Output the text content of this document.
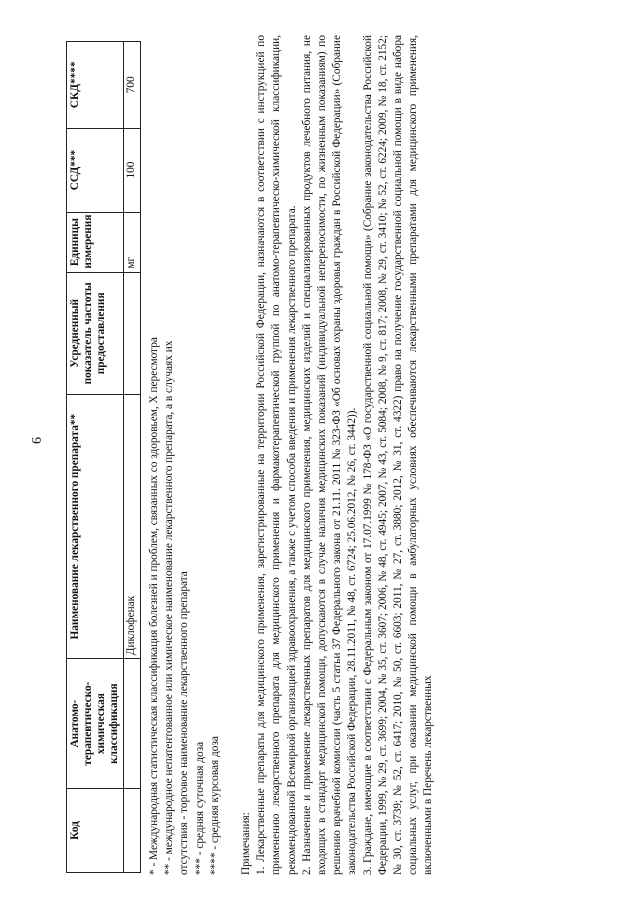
6
Код	Анатомо-терапевтическо-химическая классификация	Наименование лекарственного препарата**	Усредненный показатель частоты предоставления	Единицы измерения	ССД***	СКД****
		Диклофенак		мг	100	700
* - Международная статистическая классификация болезней и проблем, связанных со здоровьем, X пересмотра ** - международное непатентованное или химическое наименование лекарственного препарата, а в случаях их отсутствия - торговое наименование лекарственного препарата *** - средняя суточная доза **** - средняя курсовая доза Примечания: 1. Лекарственные препараты для медицинского применения, зарегистрированные на территории Российской Федерации, назначаются в соответствии с инструкцией по применению лекарственного препарата для медицинского применения и фармакотерапевтической группой по анатомо-терапевтическо-химической классификации, рекомендованной Всемирной организацией здравоохранения, а также с учетом способа введения и применения лекарственного препарата. 2. Назначение и применение лекарственных препаратов для медицинского применения, медицинских изделий и специализированных продуктов лечебного питания, не входящих в стандарт медицинской помощи, допускаются в случае наличия медицинских показаний (индивидуальной непереносимости, по жизненным показаниям) по решению врачебной комиссии (часть 5 статьи 37 Федерального закона от 21.11. 2011 № 323-ФЗ «Об основах охраны здоровья граждан в Российской Федерации» (Собрание законодательства Российской Федерации, 28.11.2011, № 48, ст. 6724; 25.06.2012, № 26, ст. 3442)). 3. Граждане, имеющие в соответствии с Федеральным законом от 17.07.1999 № 178-ФЗ «О государственной социальной помощи» (Собрание законодательства Российской Федерации, 1999, № 29, ст. 3699; 2004, № 35, ст. 3607; 2006, № 48, ст. 4945; 2007, № 43, ст. 5084; 2008, № 9, ст. 817; 2008, № 29, ст. 3410; № 52, ст. 6224; 2009, № 18, ст. 2152; № 30, ст. 3739; № 52, ст. 6417; 2010, № 50, ст. 6603; 2011, № 27, ст. 3880; 2012, № 31, ст. 4322) право на получение государственной социальной помощи в виде набора социальных услуг, при оказании медицинской помощи в амбулаторных условиях обеспечиваются лекарственными препаратами для медицинского применения, включенными в Перечень лекарственных
